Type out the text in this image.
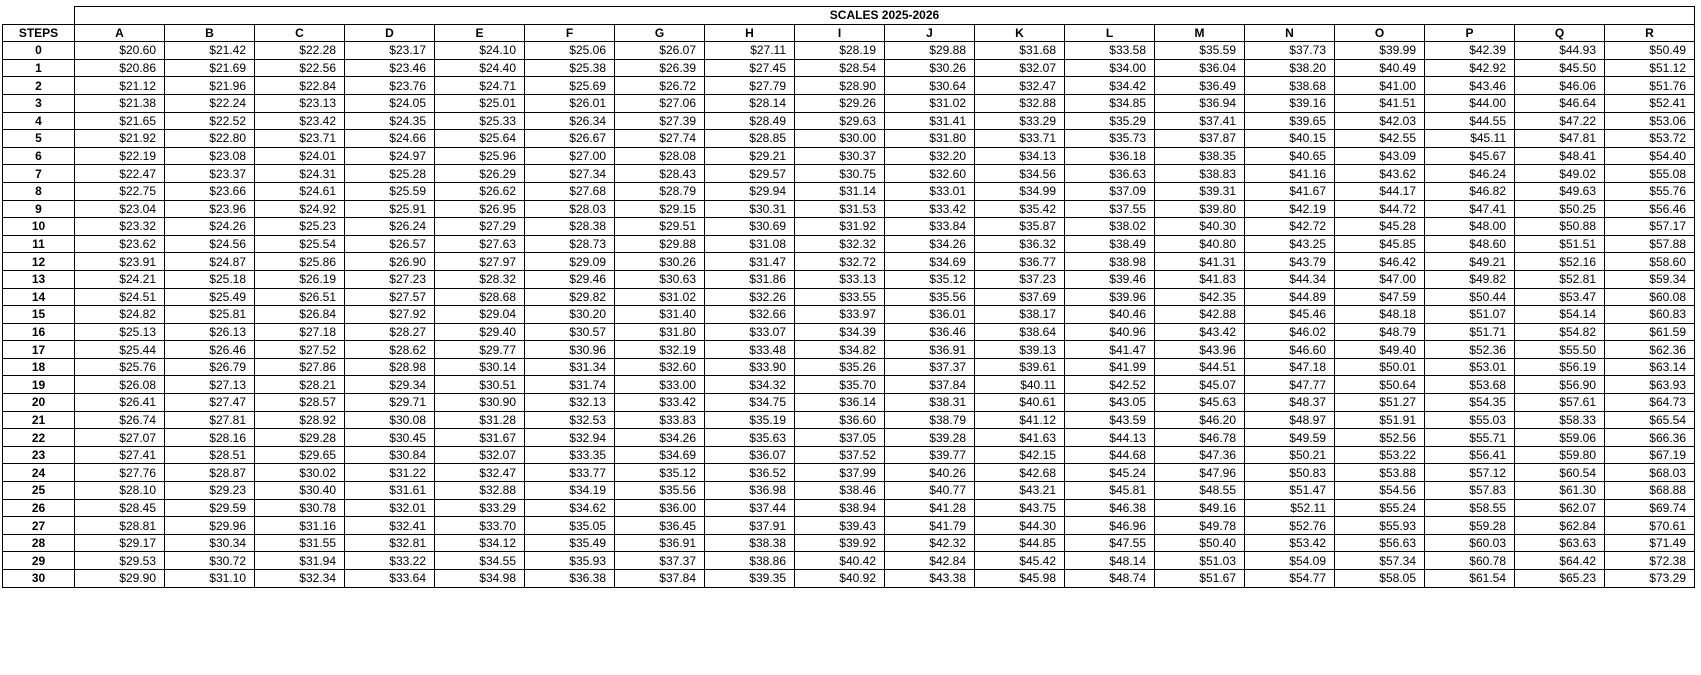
	SCALES 2025-2026																	
STEPS	A	B	C	D	E	F	G	H	I	J	K	L	M	N	O	P	Q	R
0	$20.60	$21.42	$22.28	$23.17	$24.10	$25.06	$26.07	$27.11	$28.19	$29.88	$31.68	$33.58	$35.59	$37.73	$39.99	$42.39	$44.93	$50.49
1	$20.86	$21.69	$22.56	$23.46	$24.40	$25.38	$26.39	$27.45	$28.54	$30.26	$32.07	$34.00	$36.04	$38.20	$40.49	$42.92	$45.50	$51.12
2	$21.12	$21.96	$22.84	$23.76	$24.71	$25.69	$26.72	$27.79	$28.90	$30.64	$32.47	$34.42	$36.49	$38.68	$41.00	$43.46	$46.06	$51.76
3	$21.38	$22.24	$23.13	$24.05	$25.01	$26.01	$27.06	$28.14	$29.26	$31.02	$32.88	$34.85	$36.94	$39.16	$41.51	$44.00	$46.64	$52.41
4	$21.65	$22.52	$23.42	$24.35	$25.33	$26.34	$27.39	$28.49	$29.63	$31.41	$33.29	$35.29	$37.41	$39.65	$42.03	$44.55	$47.22	$53.06
5	$21.92	$22.80	$23.71	$24.66	$25.64	$26.67	$27.74	$28.85	$30.00	$31.80	$33.71	$35.73	$37.87	$40.15	$42.55	$45.11	$47.81	$53.72
6	$22.19	$23.08	$24.01	$24.97	$25.96	$27.00	$28.08	$29.21	$30.37	$32.20	$34.13	$36.18	$38.35	$40.65	$43.09	$45.67	$48.41	$54.40
7	$22.47	$23.37	$24.31	$25.28	$26.29	$27.34	$28.43	$29.57	$30.75	$32.60	$34.56	$36.63	$38.83	$41.16	$43.62	$46.24	$49.02	$55.08
8	$22.75	$23.66	$24.61	$25.59	$26.62	$27.68	$28.79	$29.94	$31.14	$33.01	$34.99	$37.09	$39.31	$41.67	$44.17	$46.82	$49.63	$55.76
9	$23.04	$23.96	$24.92	$25.91	$26.95	$28.03	$29.15	$30.31	$31.53	$33.42	$35.42	$37.55	$39.80	$42.19	$44.72	$47.41	$50.25	$56.46
10	$23.32	$24.26	$25.23	$26.24	$27.29	$28.38	$29.51	$30.69	$31.92	$33.84	$35.87	$38.02	$40.30	$42.72	$45.28	$48.00	$50.88	$57.17
11	$23.62	$24.56	$25.54	$26.57	$27.63	$28.73	$29.88	$31.08	$32.32	$34.26	$36.32	$38.49	$40.80	$43.25	$45.85	$48.60	$51.51	$57.88
12	$23.91	$24.87	$25.86	$26.90	$27.97	$29.09	$30.26	$31.47	$32.72	$34.69	$36.77	$38.98	$41.31	$43.79	$46.42	$49.21	$52.16	$58.60
13	$24.21	$25.18	$26.19	$27.23	$28.32	$29.46	$30.63	$31.86	$33.13	$35.12	$37.23	$39.46	$41.83	$44.34	$47.00	$49.82	$52.81	$59.34
14	$24.51	$25.49	$26.51	$27.57	$28.68	$29.82	$31.02	$32.26	$33.55	$35.56	$37.69	$39.96	$42.35	$44.89	$47.59	$50.44	$53.47	$60.08
15	$24.82	$25.81	$26.84	$27.92	$29.04	$30.20	$31.40	$32.66	$33.97	$36.01	$38.17	$40.46	$42.88	$45.46	$48.18	$51.07	$54.14	$60.83
16	$25.13	$26.13	$27.18	$28.27	$29.40	$30.57	$31.80	$33.07	$34.39	$36.46	$38.64	$40.96	$43.42	$46.02	$48.79	$51.71	$54.82	$61.59
17	$25.44	$26.46	$27.52	$28.62	$29.77	$30.96	$32.19	$33.48	$34.82	$36.91	$39.13	$41.47	$43.96	$46.60	$49.40	$52.36	$55.50	$62.36
18	$25.76	$26.79	$27.86	$28.98	$30.14	$31.34	$32.60	$33.90	$35.26	$37.37	$39.61	$41.99	$44.51	$47.18	$50.01	$53.01	$56.19	$63.14
19	$26.08	$27.13	$28.21	$29.34	$30.51	$31.74	$33.00	$34.32	$35.70	$37.84	$40.11	$42.52	$45.07	$47.77	$50.64	$53.68	$56.90	$63.93
20	$26.41	$27.47	$28.57	$29.71	$30.90	$32.13	$33.42	$34.75	$36.14	$38.31	$40.61	$43.05	$45.63	$48.37	$51.27	$54.35	$57.61	$64.73
21	$26.74	$27.81	$28.92	$30.08	$31.28	$32.53	$33.83	$35.19	$36.60	$38.79	$41.12	$43.59	$46.20	$48.97	$51.91	$55.03	$58.33	$65.54
22	$27.07	$28.16	$29.28	$30.45	$31.67	$32.94	$34.26	$35.63	$37.05	$39.28	$41.63	$44.13	$46.78	$49.59	$52.56	$55.71	$59.06	$66.36
23	$27.41	$28.51	$29.65	$30.84	$32.07	$33.35	$34.69	$36.07	$37.52	$39.77	$42.15	$44.68	$47.36	$50.21	$53.22	$56.41	$59.80	$67.19
24	$27.76	$28.87	$30.02	$31.22	$32.47	$33.77	$35.12	$36.52	$37.99	$40.26	$42.68	$45.24	$47.96	$50.83	$53.88	$57.12	$60.54	$68.03
25	$28.10	$29.23	$30.40	$31.61	$32.88	$34.19	$35.56	$36.98	$38.46	$40.77	$43.21	$45.81	$48.55	$51.47	$54.56	$57.83	$61.30	$68.88
26	$28.45	$29.59	$30.78	$32.01	$33.29	$34.62	$36.00	$37.44	$38.94	$41.28	$43.75	$46.38	$49.16	$52.11	$55.24	$58.55	$62.07	$69.74
27	$28.81	$29.96	$31.16	$32.41	$33.70	$35.05	$36.45	$37.91	$39.43	$41.79	$44.30	$46.96	$49.78	$52.76	$55.93	$59.28	$62.84	$70.61
28	$29.17	$30.34	$31.55	$32.81	$34.12	$35.49	$36.91	$38.38	$39.92	$42.32	$44.85	$47.55	$50.40	$53.42	$56.63	$60.03	$63.63	$71.49
29	$29.53	$30.72	$31.94	$33.22	$34.55	$35.93	$37.37	$38.86	$40.42	$42.84	$45.42	$48.14	$51.03	$54.09	$57.34	$60.78	$64.42	$72.38
30	$29.90	$31.10	$32.34	$33.64	$34.98	$36.38	$37.84	$39.35	$40.92	$43.38	$45.98	$48.74	$51.67	$54.77	$58.05	$61.54	$65.23	$73.29
